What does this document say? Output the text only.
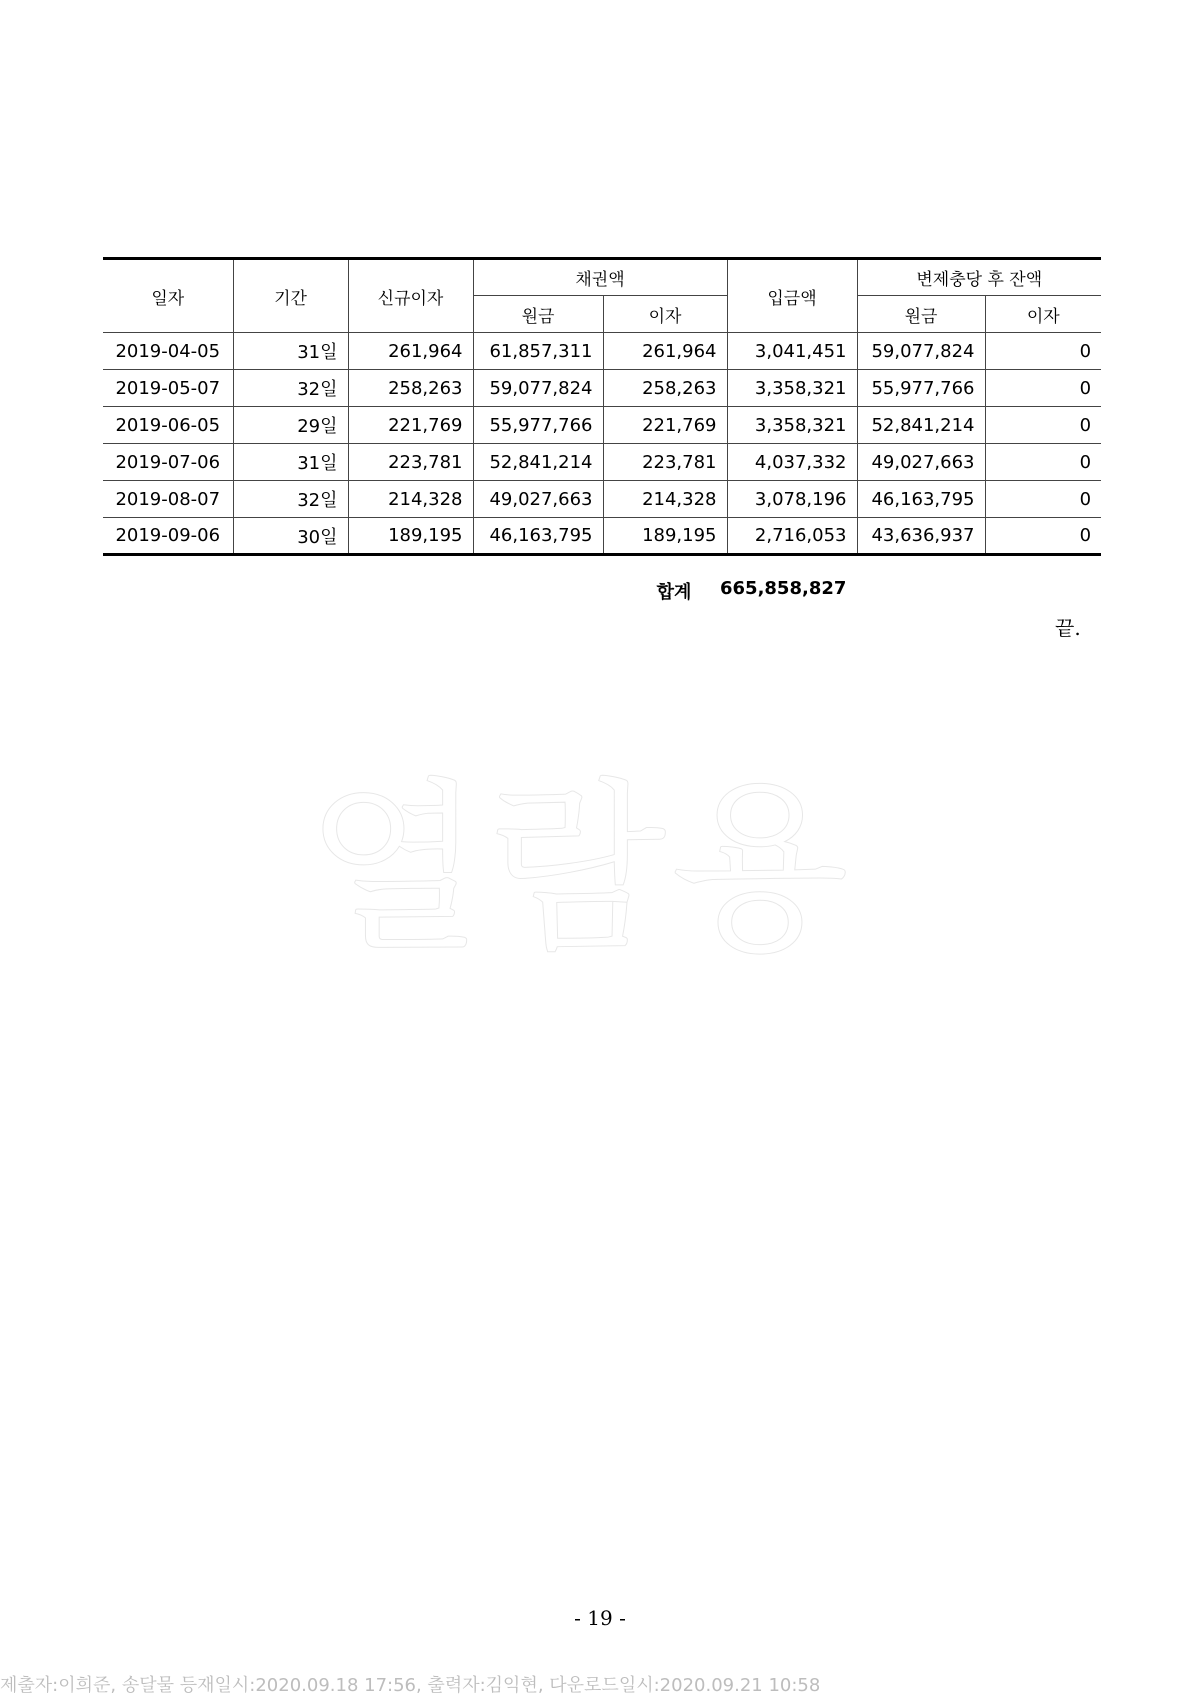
열람용
일자	기간	신규이자	채권액		입금액	변제충당 후 잔액	
			원금	이자		원금	이자
2019-04-05	31일	261,964	61,857,311	261,964	3,041,451	59,077,824	0
2019-05-07	32일	258,263	59,077,824	258,263	3,358,321	55,977,766	0
2019-06-05	29일	221,769	55,977,766	221,769	3,358,321	52,841,214	0
2019-07-06	31일	223,781	52,841,214	223,781	4,037,332	49,027,663	0
2019-08-07	32일	214,328	49,027,663	214,328	3,078,196	46,163,795	0
2019-09-06	30일	189,195	46,163,795	189,195	2,716,053	43,636,937	0
합계	665,858,827
끝.
- 19 -
제출자:이희준, 송달물 등재일시:2020.09.18 17:56, 출력자:김익현, 다운로드일시:2020.09.21 10:58
